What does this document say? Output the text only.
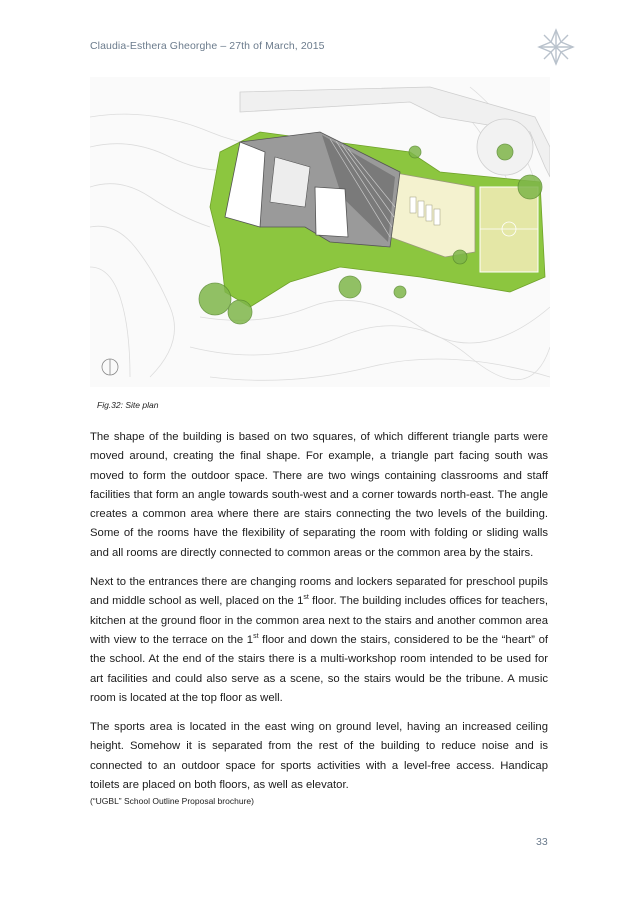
Claudia-Esthera Gheorghe – 27th of March, 2015
Fig.32: Site plan

The shape of the building is based on two squares, of which different triangle parts were moved around, creating the final shape. For example, a triangle part facing south was moved to form the outdoor space. There are two wings containing classrooms and staff facilities that form an angle towards south-west and a corner towards north-east. The angle creates a common area where there are stairs connecting the two levels of the building. Some of the rooms have the flexibility of separating the room with folding or sliding walls and all rooms are directly connected to common areas or the common area by the stairs.

Next to the entrances there are changing rooms and lockers separated for preschool pupils and middle school as well, placed on the 1st floor. The building includes offices for teachers, kitchen at the ground floor in the common area next to the stairs and another common area with view to the terrace on the 1st floor and down the stairs, considered to be the “heart” of the school. At the end of the stairs there is a multi-workshop room intended to be used for art facilities and could also serve as a scene, so the stairs would be the tribune. A music room is located at the top floor as well.

The sports area is located in the east wing on ground level, having an increased ceiling height. Somehow it is separated from the rest of the building to reduce noise and is connected to an outdoor space for sports activities with a level-free access. Handicap toilets are placed on both floors, as well as elevator.

(“UGBL” School Outline Proposal brochure)
33
